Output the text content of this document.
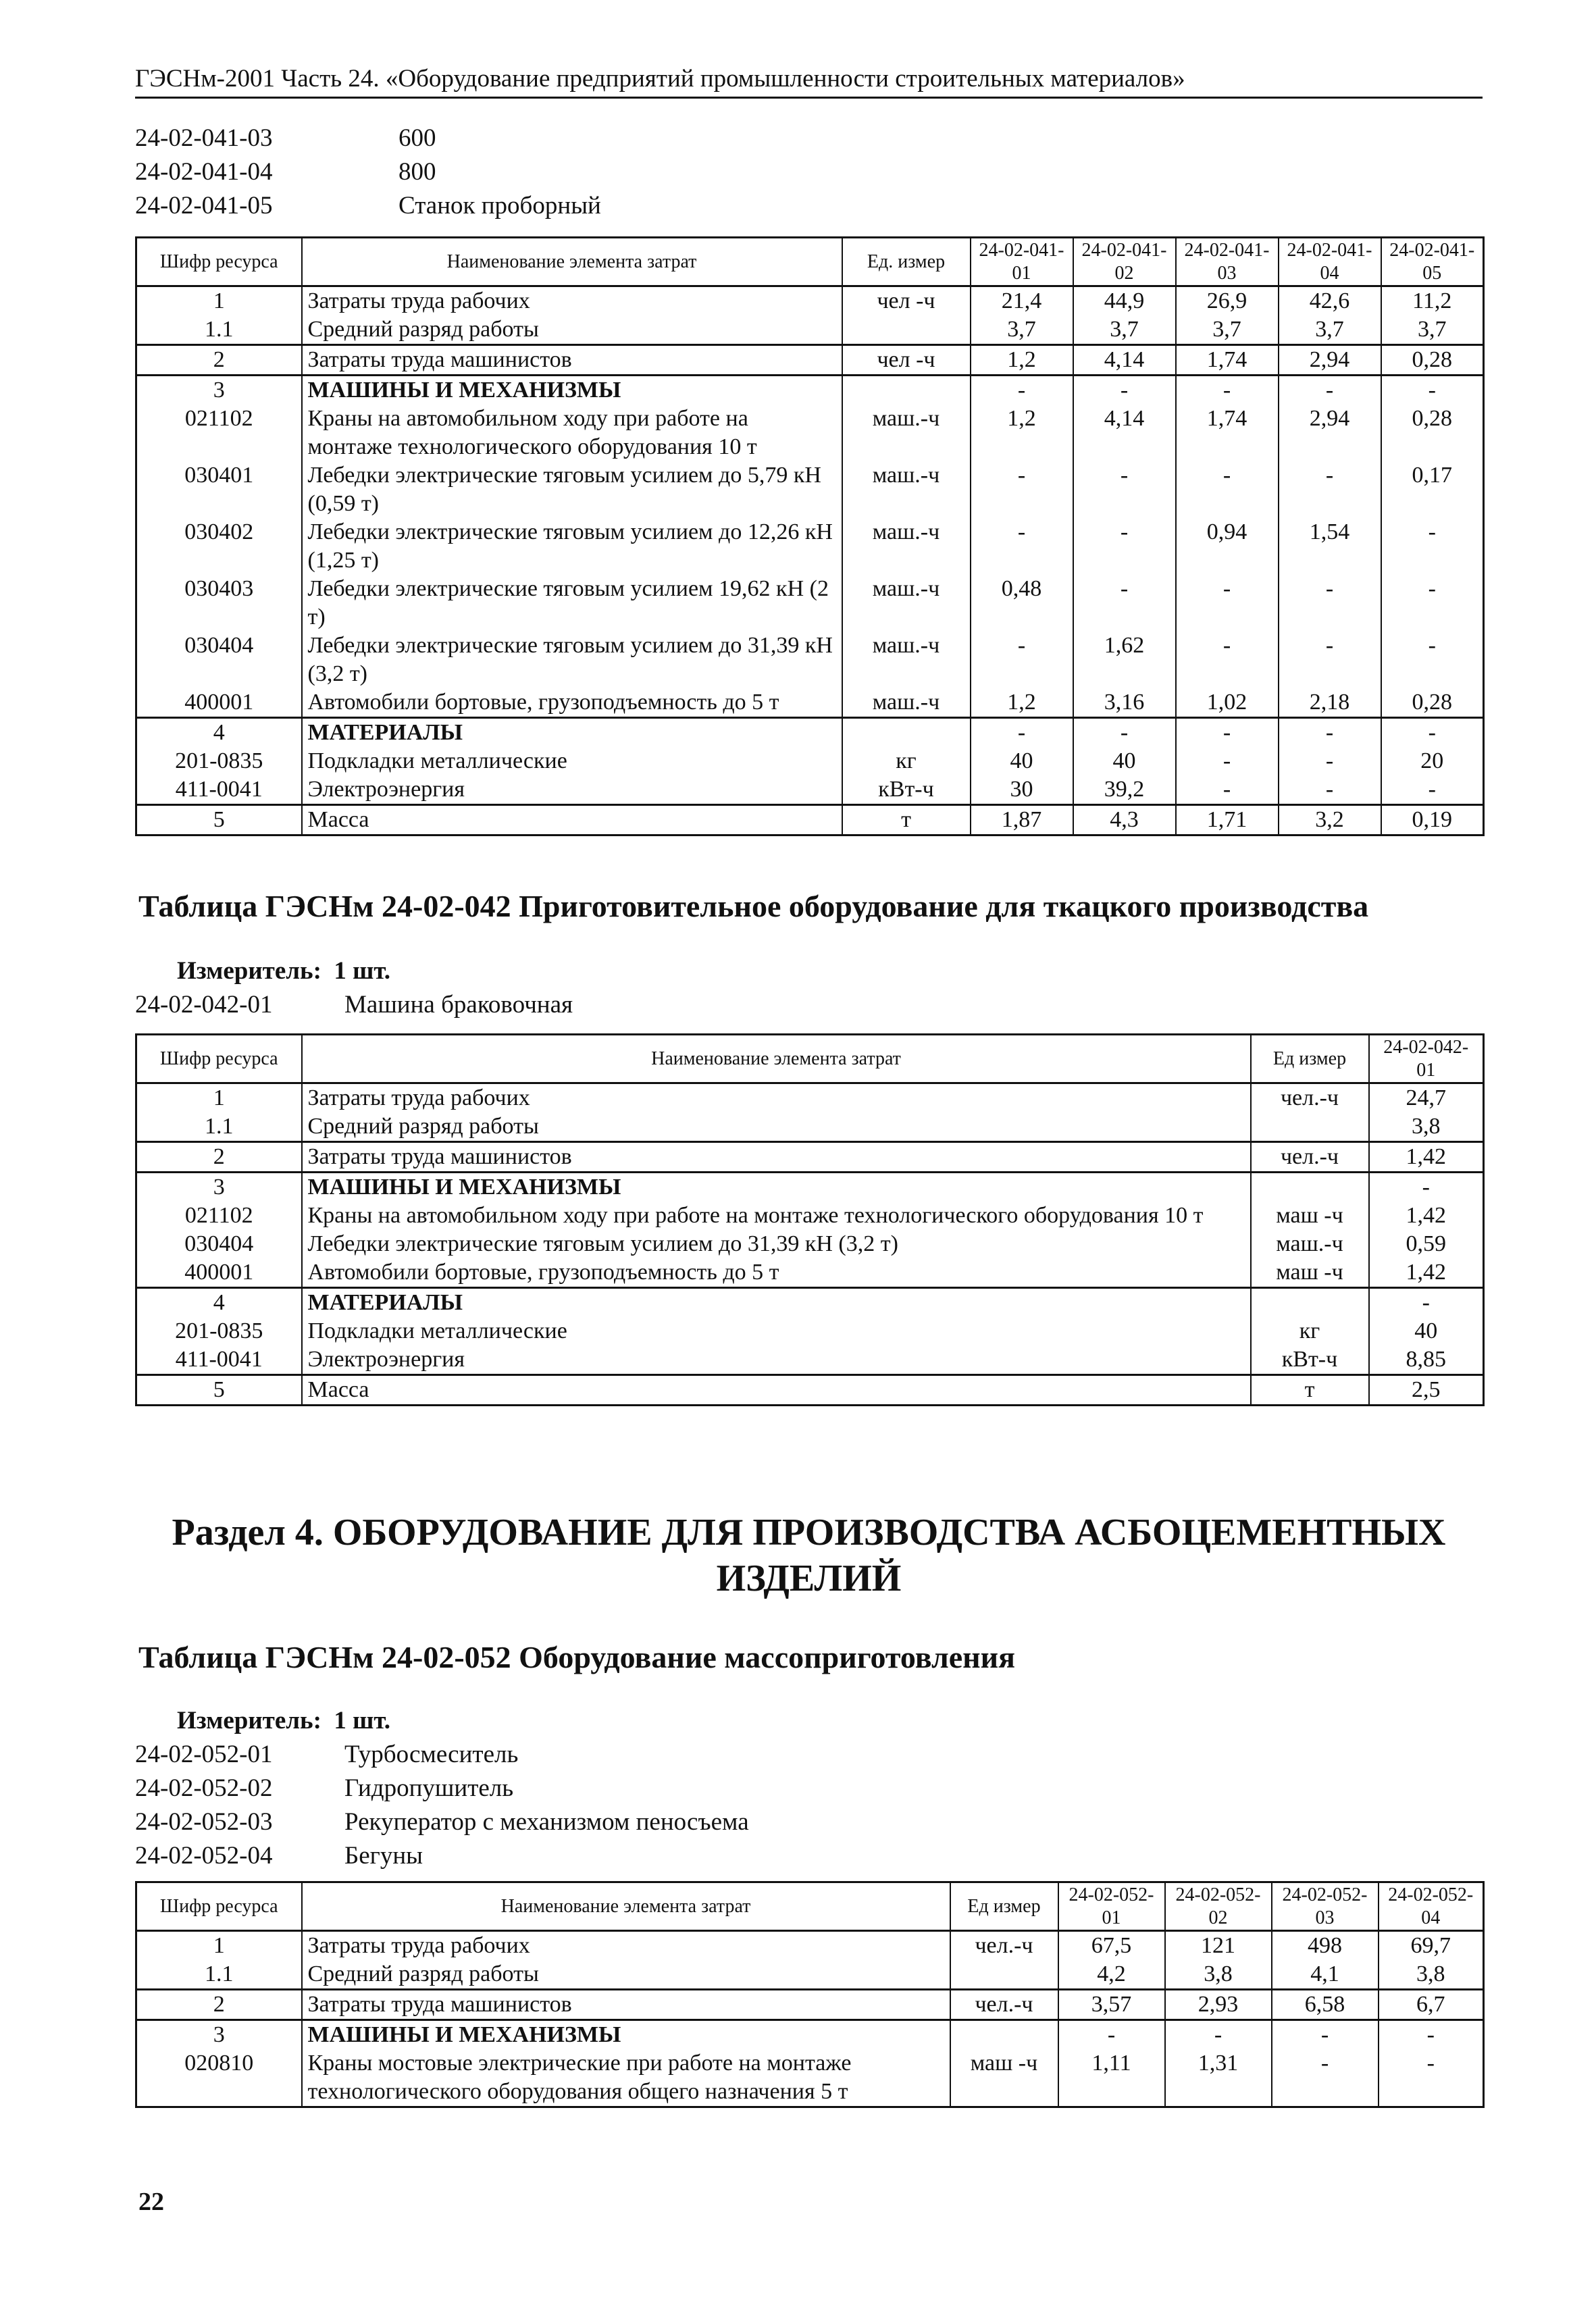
ГЭСНм-2001 Часть 24. «Оборудование предприятий промышленности строительных материалов»
24-02-041-03	600
24-02-041-04	800
24-02-041-05	Станок проборный
Шифр ресурса	Наименование элемента затрат	Ед. измер	24-02-041-01	24-02-041-02	24-02-041-03	24-02-041-04	24-02-041-05
1	Затраты труда рабочих	чел -ч	21,4	44,9	26,9	42,6	11,2
1.1	Средний разряд работы		3,7	3,7	3,7	3,7	3,7
2	Затраты труда машинистов	чел -ч	1,2	4,14	1,74	2,94	0,28
3	МАШИНЫ И МЕХАНИЗМЫ		-	-	-	-	-
021102	Краны на автомобильном ходу при работе на монтаже технологического оборудования 10 т	маш.-ч	1,2	4,14	1,74	2,94	0,28
030401	Лебедки электрические тяговым усилием до 5,79 кН (0,59 т)	маш.-ч	-	-	-	-	0,17
030402	Лебедки электрические тяговым усилием до 12,26 кН (1,25 т)	маш.-ч	-	-	0,94	1,54	-
030403	Лебедки электрические тяговым усилием 19,62 кН (2 т)	маш.-ч	0,48	-	-	-	-
030404	Лебедки электрические тяговым усилием до 31,39 кН (3,2 т)	маш.-ч	-	1,62	-	-	-
400001	Автомобили бортовые, грузоподъемность до 5 т	маш.-ч	1,2	3,16	1,02	2,18	0,28
4	МАТЕРИАЛЫ		-	-	-	-	-
201-0835	Подкладки металлические	кг	40	40	-	-	20
411-0041	Электроэнергия	кВт-ч	30	39,2	-	-	-
5	Масса	т	1,87	4,3	1,71	3,2	0,19
Таблица ГЭСНм 24-02-042 Приготовительное оборудование для ткацкого производства
Измеритель: 1 шт.
24-02-042-01	Машина браковочная
Шифр ресурса	Наименование элемента затрат	Ед измер	24-02-042-01
1	Затраты труда рабочих	чел.-ч	24,7
1.1	Средний разряд работы		3,8
2	Затраты труда машинистов	чел.-ч	1,42
3	МАШИНЫ И МЕХАНИЗМЫ		-
021102	Краны на автомобильном ходу при работе на монтаже технологического оборудования 10 т	маш -ч	1,42
030404	Лебедки электрические тяговым усилием до 31,39 кН (3,2 т)	маш.-ч	0,59
400001	Автомобили бортовые, грузоподъемность до 5 т	маш -ч	1,42
4	МАТЕРИАЛЫ		-
201-0835	Подкладки металлические	кг	40
411-0041	Электроэнергия	кВт-ч	8,85
5	Масса	т	2,5
Раздел 4. ОБОРУДОВАНИЕ ДЛЯ ПРОИЗВОДСТВА АСБОЦЕМЕНТНЫХ ИЗДЕЛИЙ
Таблица ГЭСНм 24-02-052 Оборудование массоприготовления
Измеритель: 1 шт.
24-02-052-01	Турбосмеситель
24-02-052-02	Гидропушитель
24-02-052-03	Рекуператор с механизмом пеносъема
24-02-052-04	Бегуны
Шифр ресурса	Наименование элемента затрат	Ед измер	24-02-052-01	24-02-052-02	24-02-052-03	24-02-052-04
1	Затраты труда рабочих	чел.-ч	67,5	121	498	69,7
1.1	Средний разряд работы		4,2	3,8	4,1	3,8
2	Затраты труда машинистов	чел.-ч	3,57	2,93	6,58	6,7
3	МАШИНЫ И МЕХАНИЗМЫ		-	-	-	-
020810	Краны мостовые электрические при работе на монтаже технологического оборудования общего назначения 5 т	маш -ч	1,11	1,31	-	-
22
